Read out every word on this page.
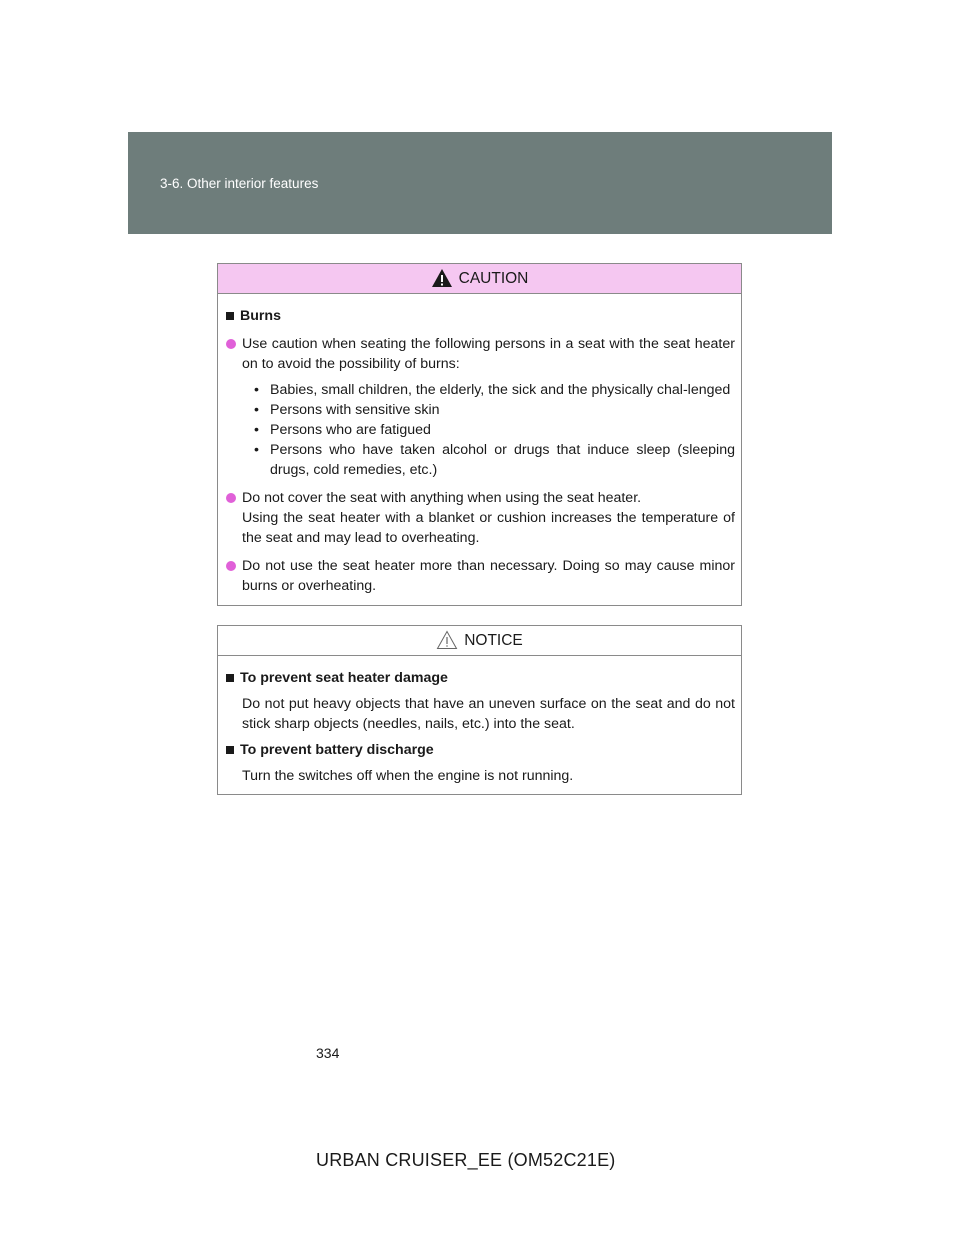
3-6. Other interior features
CAUTION
Burns
Use caution when seating the following persons in a seat with the seat heater on to avoid the possibility of burns:
• Babies, small children, the elderly, the sick and the physically chal-lenged
• Persons with sensitive skin
• Persons who are fatigued
• Persons who have taken alcohol or drugs that induce sleep (sleeping drugs, cold remedies, etc.)
Do not cover the seat with anything when using the seat heater.
Using the seat heater with a blanket or cushion increases the temperature of the seat and may lead to overheating.
Do not use the seat heater more than necessary. Doing so may cause minor burns or overheating.
NOTICE
To prevent seat heater damage
Do not put heavy objects that have an uneven surface on the seat and do not stick sharp objects (needles, nails, etc.) into the seat.
To prevent battery discharge
Turn the switches off when the engine is not running.
334
URBAN CRUISER_EE (OM52C21E)
